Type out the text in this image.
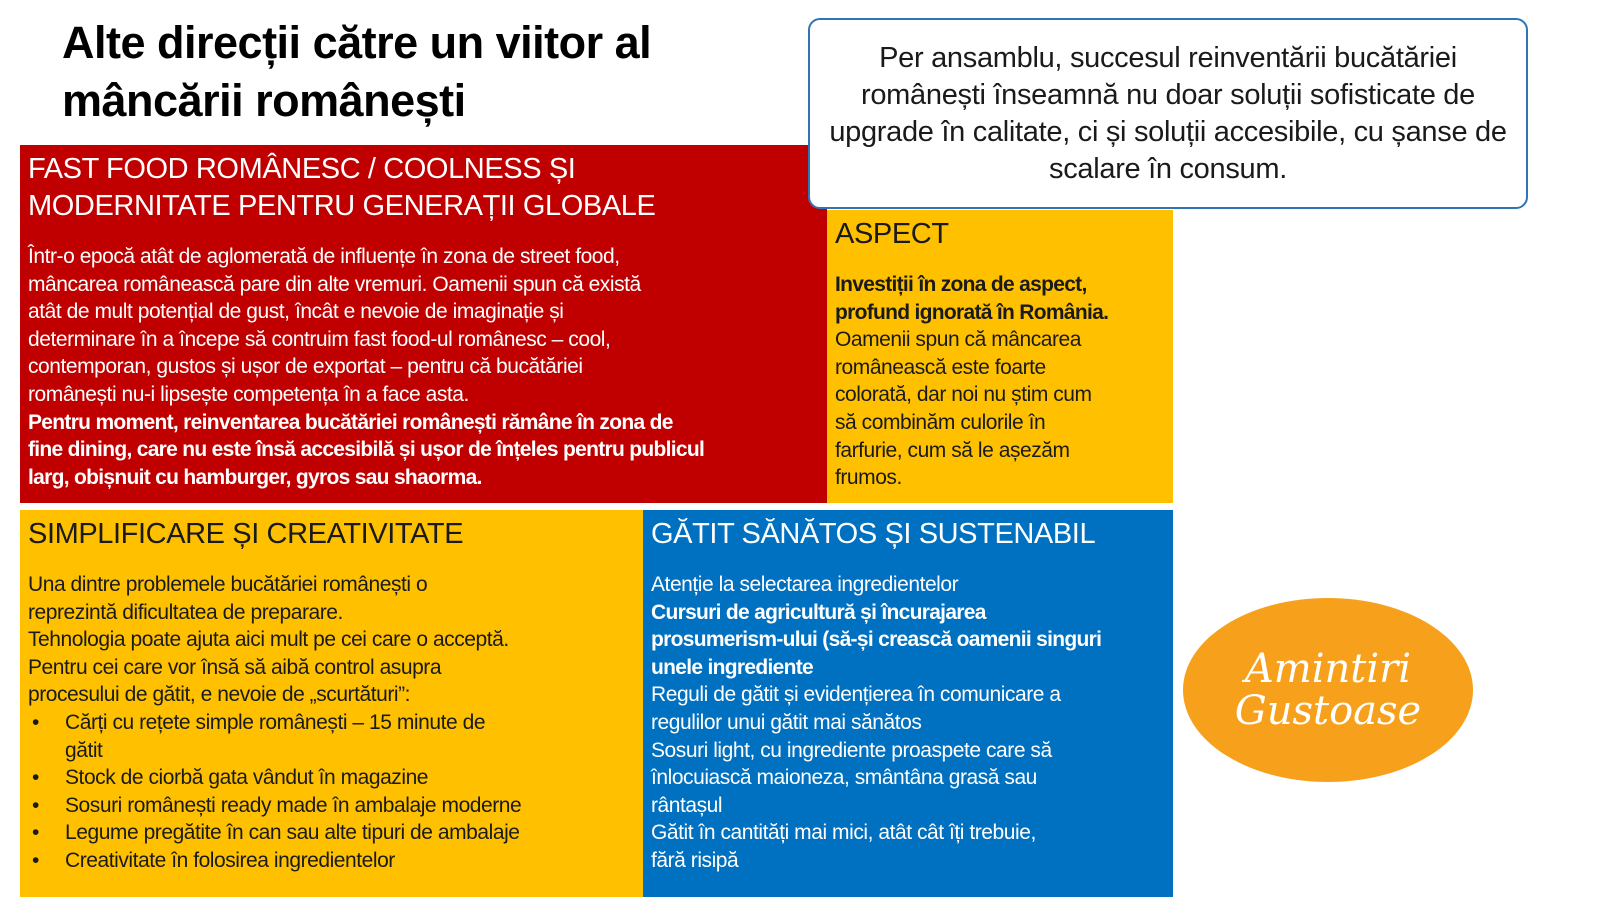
Alte direcții către un viitor al
mâncării românești
Per ansamblu, succesul reinventării bucătăriei românești înseamnă nu doar soluții sofisticate de upgrade în calitate, ci și soluții accesibile, cu șanse de scalare în consum.
FAST FOOD ROMÂNESC / COOLNESS ȘI
MODERNITATE PENTRU GENERAȚII GLOBALE
Într-o epocă atât de aglomerată de influențe în zona de street food,
mâncarea românească pare din alte vremuri. Oamenii spun că există
atât de mult potențial de gust, încât e nevoie de imaginație și
determinare în a începe să contruim fast food-ul românesc – cool,
contemporan, gustos și ușor de exportat – pentru că bucătăriei
românești nu-i lipsește competența în a face asta.
Pentru moment, reinventarea bucătăriei românești rămâne în zona de
fine dining, care nu este însă accesibilă și ușor de înțeles pentru publicul
larg, obișnuit cu hamburger, gyros sau shaorma.
ASPECT
Investiții în zona de aspect,
profund ignorată în România.
Oamenii spun că mâncarea
românească este foarte
colorată, dar noi nu știm cum
să combinăm culorile în
farfurie, cum să le așezăm
frumos.
SIMPLIFICARE ȘI CREATIVITATE
Una dintre problemele bucătăriei românești o
reprezintă dificultatea de preparare.
Tehnologia poate ajuta aici mult pe cei care o acceptă.
Pentru cei care vor însă să aibă control asupra
procesului de gătit, e nevoie de „scurtături”:
• Cărți cu rețete simple românești – 15 minute de
gătit
• Stock de ciorbă gata vândut în magazine
• Sosuri românești ready made în ambalaje moderne
• Legume pregătite în can sau alte tipuri de ambalaje
• Creativitate în folosirea ingredientelor
GĂTIT SĂNĂTOS ȘI SUSTENABIL
Atenție la selectarea ingredientelor
Cursuri de agricultură și încurajarea
prosumerism-ului (să-și crească oamenii singuri
unele ingrediente
Reguli de gătit și evidențierea în comunicare a
regulilor unui gătit mai sănătos
Sosuri light, cu ingrediente proaspete care să
înlocuiască maioneza, smântâna grasă sau
rântașul
Gătit în cantități mai mici, atât cât îți trebuie,
fără risipă
Amintiri
Gustoase
